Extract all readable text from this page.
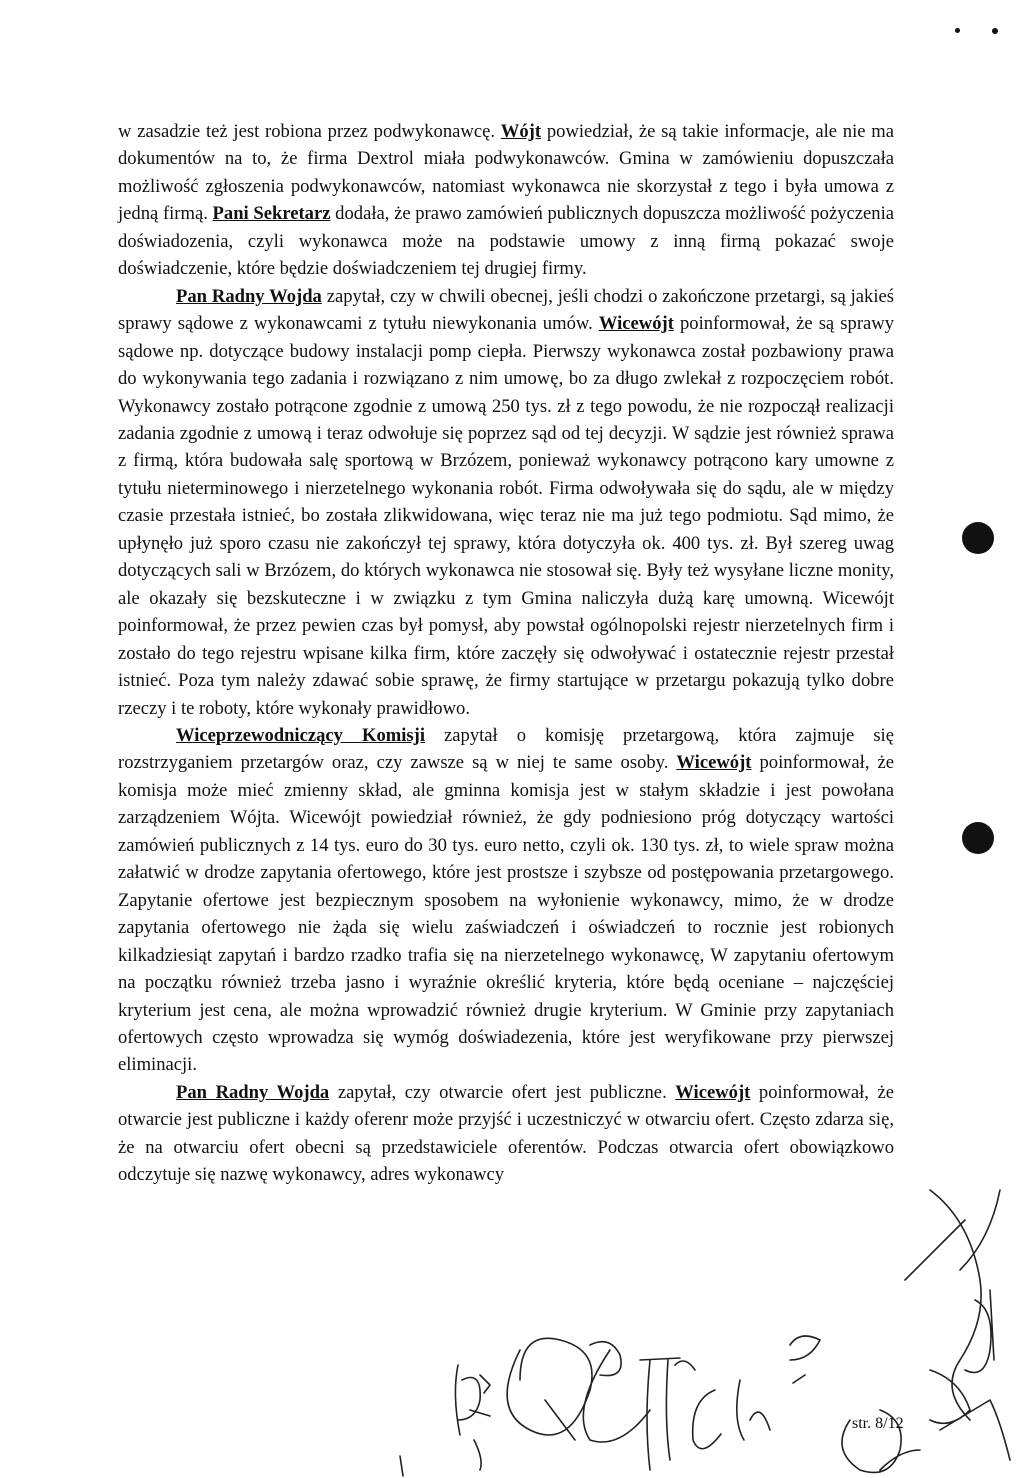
w zasadzie też jest robiona przez podwykonawcę. Wójt powiedział, że są takie informacje, ale nie ma dokumentów na to, że firma Dextrol miała podwykonawców. Gmina w zamówieniu dopuszczała możliwość zgłoszenia podwykonawców, natomiast wykonawca nie skorzystał z tego i była umowa z jedną firmą. Pani Sekretarz dodała, że prawo zamówień publicznych dopuszcza możliwość pożyczenia doświadozenia, czyli wykonawca może na podstawie umowy z inną firmą pokazać swoje doświadczenie, które będzie doświadczeniem tej drugiej firmy.

Pan Radny Wojda zapytał, czy w chwili obecnej, jeśli chodzi o zakończone przetargi, są jakieś sprawy sądowe z wykonawcami z tytułu niewykonania umów. Wicewójt poinformował, że są sprawy sądowe np. dotyczące budowy instalacji pomp ciepła. Pierwszy wykonawca został pozbawiony prawa do wykonywania tego zadania i rozwiązano z nim umowę, bo za długo zwlekał z rozpoczęciem robót. Wykonawcy zostało potrącone zgodnie z umową 250 tys. zł z tego powodu, że nie rozpoczął realizacji zadania zgodnie z umową i teraz odwołuje się poprzez sąd od tej decyzji. W sądzie jest również sprawa z firmą, która budowała salę sportową w Brzózem, ponieważ wykonawcy potrącono kary umowne z tytułu nieterminowego i nierzetelnego wykonania robót. Firma odwoływała się do sądu, ale w między czasie przestała istnieć, bo została zlikwidowana, więc teraz nie ma już tego podmiotu. Sąd mimo, że upłynęło już sporo czasu nie zakończył tej sprawy, która dotyczyła ok. 400 tys. zł. Był szereg uwag dotyczących sali w Brzózem, do których wykonawca nie stosował się. Były też wysyłane liczne monity, ale okazały się bezskuteczne i w związku z tym Gmina naliczyła dużą karę umowną. Wicewójt poinformował, że przez pewien czas był pomysł, aby powstał ogólnopolski rejestr nierzetelnych firm i zostało do tego rejestru wpisane kilka firm, które zaczęły się odwoływać i ostatecznie rejestr przestał istnieć. Poza tym należy zdawać sobie sprawę, że firmy startujące w przetargu pokazują tylko dobre rzeczy i te roboty, które wykonały prawidłowo.

Wiceprzewodniczący Komisji zapytał o komisję przetargową, która zajmuje się rozstrzyganiem przetargów oraz, czy zawsze są w niej te same osoby. Wicewójt poinformował, że komisja może mieć zmienny skład, ale gminna komisja jest w stałym składzie i jest powołana zarządzeniem Wójta. Wicewójt powiedział również, że gdy podniesiono próg dotyczący wartości zamówień publicznych z 14 tys. euro do 30 tys. euro netto, czyli ok. 130 tys. zł, to wiele spraw można załatwić w drodze zapytania ofertowego, które jest prostsze i szybsze od postępowania przetargowego. Zapytanie ofertowe jest bezpiecznym sposobem na wyłonienie wykonawcy, mimo, że w drodze zapytania ofertowego nie żąda się wielu zaświadczeń i oświadczeń to rocznie jest robionych kilkadziesiąt zapytań i bardzo rzadko trafia się na nierzetelnego wykonawcę, W zapytaniu ofertowym na początku również trzeba jasno i wyraźnie określić kryteria, które będą oceniane – najczęściej kryterium jest cena, ale można wprowadzić również drugie kryterium. W Gminie przy zapytaniach ofertowych często wprowadza się wymóg doświadezenia, które jest weryfikowane przy pierwszej eliminacji.

Pan Radny Wojda zapytał, czy otwarcie ofert jest publiczne. Wicewójt poinformował, że otwarcie jest publiczne i każdy oferenr może przyjść i uczestniczyć w otwarciu ofert. Często zdarza się, że na otwarciu ofert obecni są przedstawiciele oferentów. Podczas otwarcia ofert obowiązkowo odczytuje się nazwę wykonawcy, adres wykonawcy

str. 8/12
